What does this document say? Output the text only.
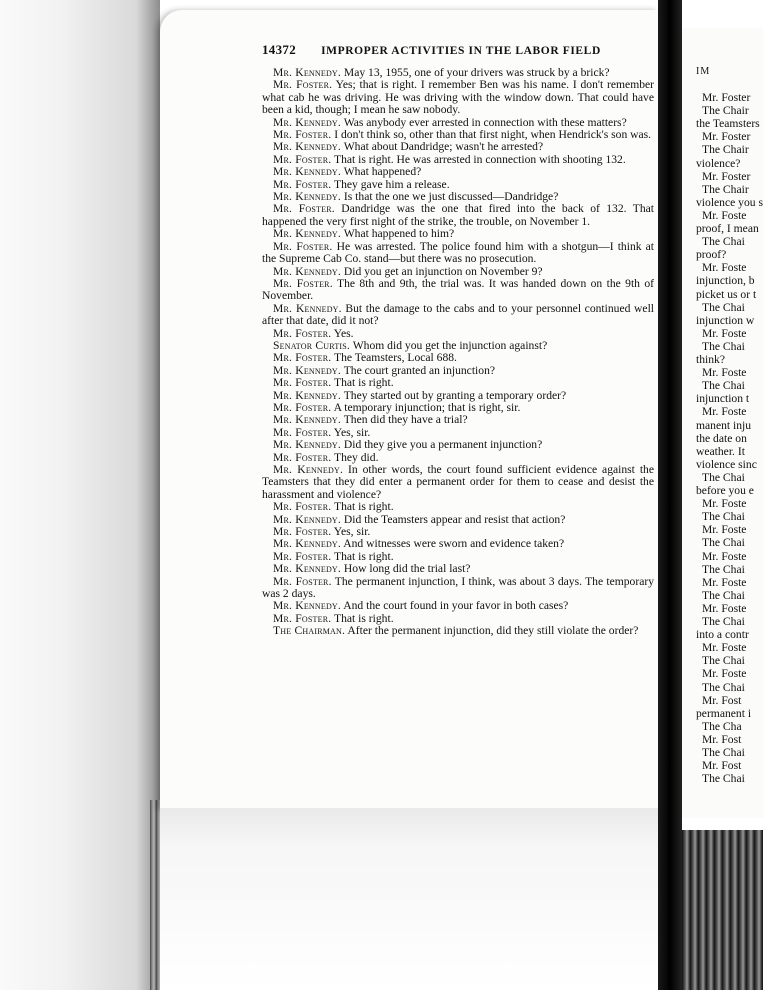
IM
Mr. Foster
The Chair
the Teamsters
Mr. Foster
The Chair
violence?
Mr. Foster
The Chair
violence you s
Mr. Foste
proof, I mean
The Chai
proof?
Mr. Foste
injunction, b
picket us or t
The Chai
injunction w
Mr. Foste
The Chai
think?
Mr. Foste
The Chai
injunction t
Mr. Foste
manent inju
the date on
weather. It
violence sinc
The Chai
before you e
Mr. Foste
The Chai
Mr. Foste
The Chai
Mr. Foste
The Chai
Mr. Foste
The Chai
Mr. Foste
The Chai
into a contr
Mr. Foste
The Chai
Mr. Foste
The Chai
Mr. Fost
permanent i
The Cha
Mr. Fost
The Chai
Mr. Fost
The Chai
14372 IMPROPER ACTIVITIES IN THE LABOR FIELD

Mr. Kennedy. May 13, 1955, one of your drivers was struck by a brick?

Mr. Foster. Yes; that is right. I remember Ben was his name. I don't remember what cab he was driving. He was driving with the window down. That could have been a kid, though; I mean he saw nobody.

Mr. Kennedy. Was anybody ever arrested in connection with these matters?

Mr. Foster. I don't think so, other than that first night, when Hendrick's son was.

Mr. Kennedy. What about Dandridge; wasn't he arrested?

Mr. Foster. That is right. He was arrested in connection with shooting 132.

Mr. Kennedy. What happened?

Mr. Foster. They gave him a release.

Mr. Kennedy. Is that the one we just discussed—Dandridge?

Mr. Foster. Dandridge was the one that fired into the back of 132. That happened the very first night of the strike, the trouble, on November 1.

Mr. Kennedy. What happened to him?

Mr. Foster. He was arrested. The police found him with a shotgun—I think at the Supreme Cab Co. stand—but there was no prosecution.

Mr. Kennedy. Did you get an injunction on November 9?

Mr. Foster. The 8th and 9th, the trial was. It was handed down on the 9th of November.

Mr. Kennedy. But the damage to the cabs and to your personnel continued well after that date, did it not?

Mr. Foster. Yes.

Senator Curtis. Whom did you get the injunction against?

Mr. Foster. The Teamsters, Local 688.

Mr. Kennedy. The court granted an injunction?

Mr. Foster. That is right.

Mr. Kennedy. They started out by granting a temporary order?

Mr. Foster. A temporary injunction; that is right, sir.

Mr. Kennedy. Then did they have a trial?

Mr. Foster. Yes, sir.

Mr. Kennedy. Did they give you a permanent injunction?

Mr. Foster. They did.

Mr. Kennedy. In other words, the court found sufficient evidence against the Teamsters that they did enter a permanent order for them to cease and desist the harassment and violence?

Mr. Foster. That is right.

Mr. Kennedy. Did the Teamsters appear and resist that action?

Mr. Foster. Yes, sir.

Mr. Kennedy. And witnesses were sworn and evidence taken?

Mr. Foster. That is right.

Mr. Kennedy. How long did the trial last?

Mr. Foster. The permanent injunction, I think, was about 3 days. The temporary was 2 days.

Mr. Kennedy. And the court found in your favor in both cases?

Mr. Foster. That is right.

The Chairman. After the permanent injunction, did they still violate the order?
